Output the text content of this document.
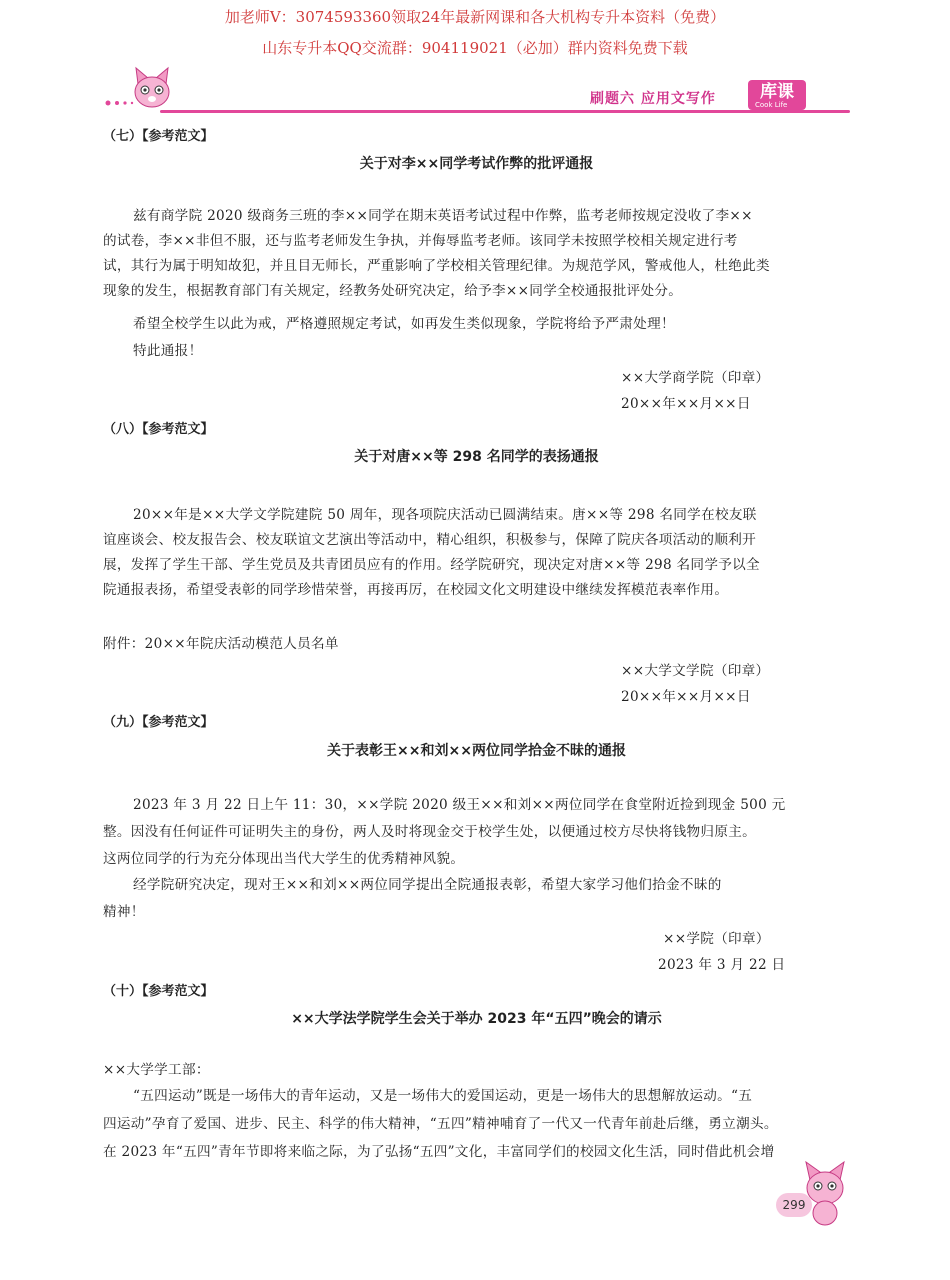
加老师V：3074593360领取24年最新网课和各大机构专升本资料（免费）
山东专升本QQ交流群：904119021（必加）群内资料免费下载
刷题六 应用文写作	库课
Cook Life
（七）【参考范文】
关于对李××同学考试作弊的批评通报
兹有商学院 2020 级商务三班的李××同学在期末英语考试过程中作弊，监考老师按规定没收了李××
的试卷，李××非但不服，还与监考老师发生争执，并侮辱监考老师。该同学未按照学校相关规定进行考
试，其行为属于明知故犯，并且目无师长，严重影响了学校相关管理纪律。为规范学风，警戒他人，杜绝此类
现象的发生，根据教育部门有关规定，经教务处研究决定，给予李××同学全校通报批评处分。
希望全校学生以此为戒，严格遵照规定考试，如再发生类似现象，学院将给予严肃处理！
特此通报！
××大学商学院（印章）
20××年××月××日
（八）【参考范文】
关于对唐××等 298 名同学的表扬通报
20××年是××大学文学院建院 50 周年，现各项院庆活动已圆满结束。唐××等 298 名同学在校友联
谊座谈会、校友报告会、校友联谊文艺演出等活动中，精心组织，积极参与，保障了院庆各项活动的顺利开
展，发挥了学生干部、学生党员及共青团员应有的作用。经学院研究，现决定对唐××等 298 名同学予以全
院通报表扬，希望受表彰的同学珍惜荣誉，再接再厉，在校园文化文明建设中继续发挥模范表率作用。
附件：20××年院庆活动模范人员名单
××大学文学院（印章）
20××年××月××日
（九）【参考范文】
关于表彰王××和刘××两位同学拾金不昧的通报
2023 年 3 月 22 日上午 11：30，××学院 2020 级王××和刘××两位同学在食堂附近捡到现金 500 元
整。因没有任何证件可证明失主的身份，两人及时将现金交于校学生处，以便通过校方尽快将钱物归原主。
这两位同学的行为充分体现出当代大学生的优秀精神风貌。
经学院研究决定，现对王××和刘××两位同学提出全院通报表彰，希望大家学习他们拾金不昧的
精神！
××学院（印章）
2023 年 3 月 22 日
（十）【参考范文】
××大学法学院学生会关于举办 2023 年“五四”晚会的请示
××大学学工部：
“五四运动”既是一场伟大的青年运动，又是一场伟大的爱国运动，更是一场伟大的思想解放运动。“五
四运动”孕育了爱国、进步、民主、科学的伟大精神，“五四”精神哺育了一代又一代青年前赴后继，勇立潮头。
在 2023 年“五四”青年节即将来临之际，为了弘扬“五四”文化，丰富同学们的校园文化生活，同时借此机会增
299
